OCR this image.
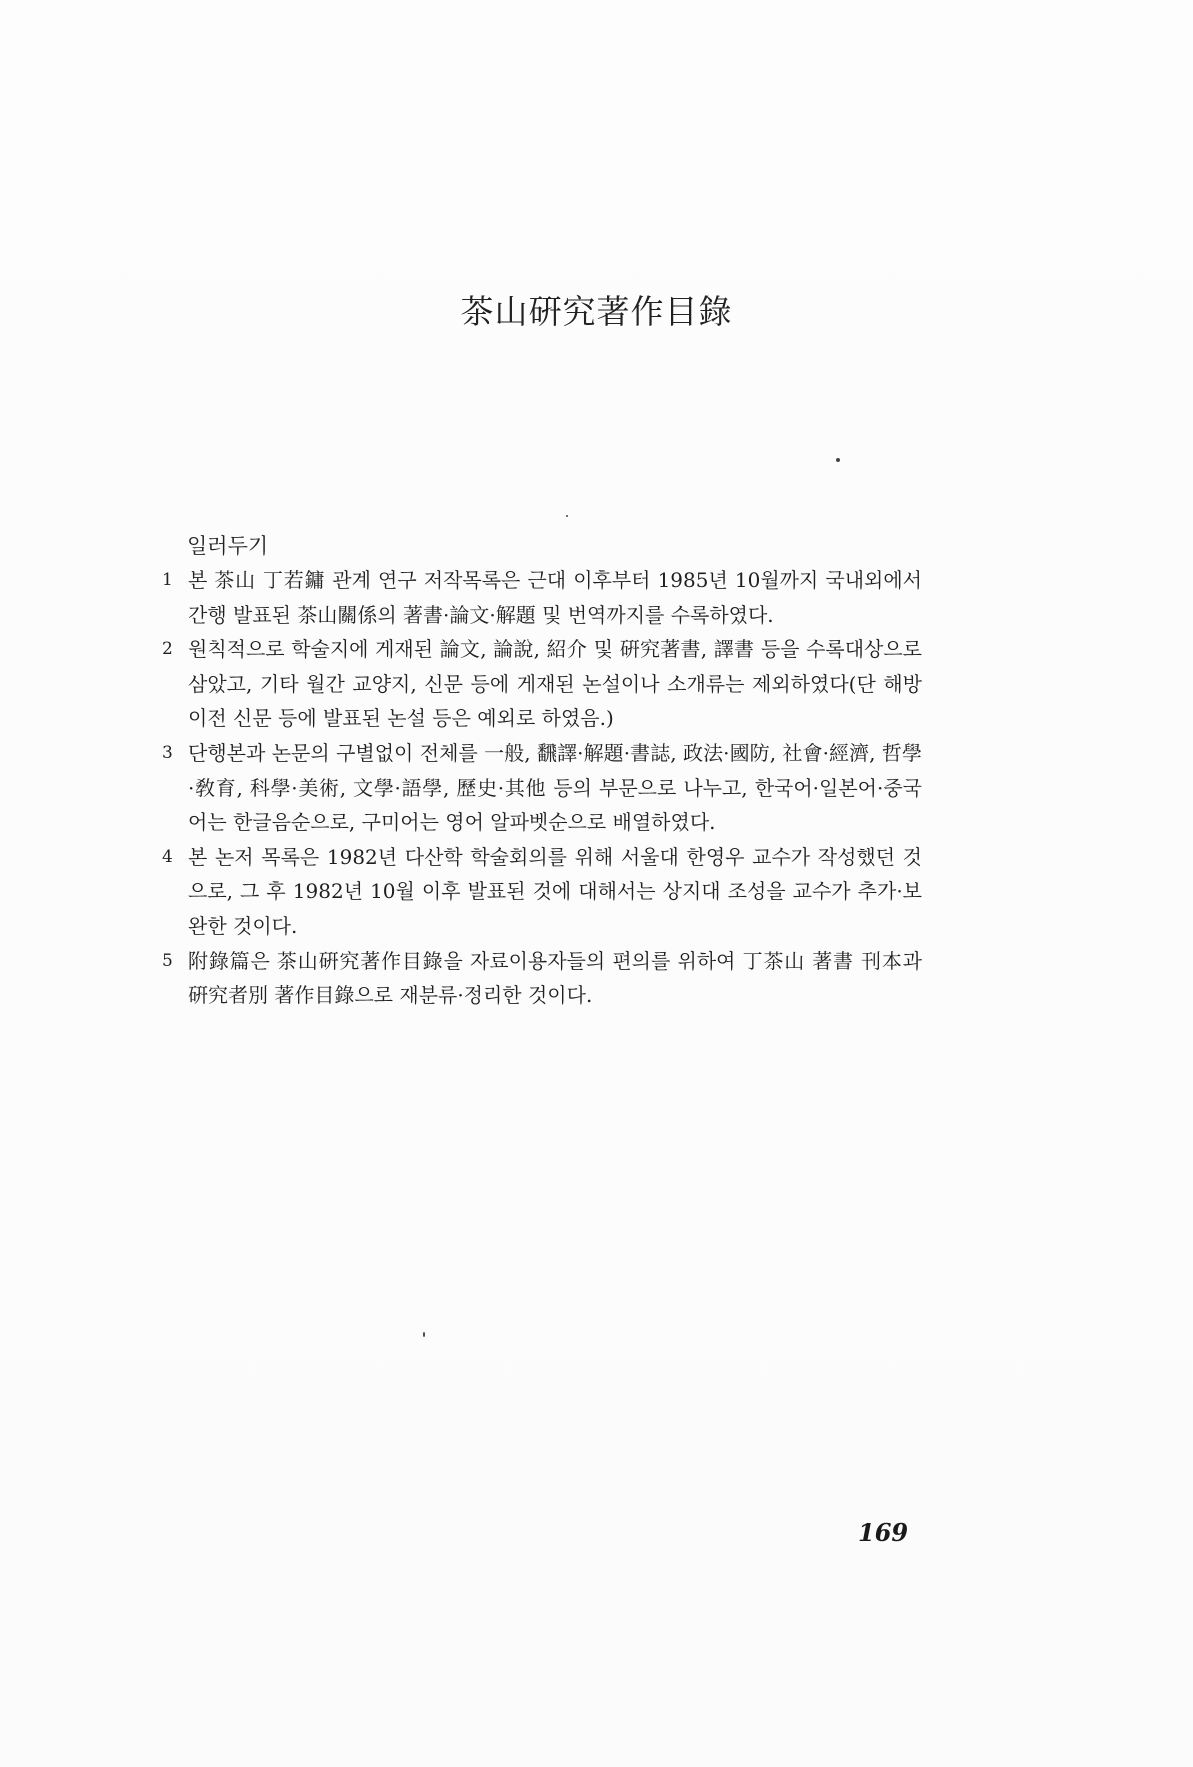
茶山硏究著作目錄
일러두기
1 본 茶山 丁若鏞 관계 연구 저작목록은 근대 이후부터 1985년 10월까지 국내외에서 간행 발표된 茶山關係의 著書·論文·解題 및 번역까지를 수록하였다.
2 원칙적으로 학술지에 게재된 論文, 論說, 紹介 및 硏究著書, 譯書 등을 수록대상으로 삼았고, 기타 월간 교양지, 신문 등에 게재된 논설이나 소개류는 제외하였다(단 해방 이전 신문 등에 발표된 논설 등은 예외로 하였음.)
3 단행본과 논문의 구별없이 전체를 一般, 飜譯·解題·書誌, 政法·國防, 社會·經濟, 哲學·敎育, 科學·美術, 文學·語學, 歷史·其他 등의 부문으로 나누고, 한국어·일본어·중국어는 한글음순으로, 구미어는 영어 알파벳순으로 배열하였다.
4 본 논저 목록은 1982년 다산학 학술회의를 위해 서울대 한영우 교수가 작성했던 것으로, 그 후 1982년 10월 이후 발표된 것에 대해서는 상지대 조성을 교수가 추가·보완한 것이다.
5 附錄篇은 茶山硏究著作目錄을 자료이용자들의 편의를 위하여 丁茶山 著書 刊本과 硏究者別 著作目錄으로 재분류·정리한 것이다.
169
